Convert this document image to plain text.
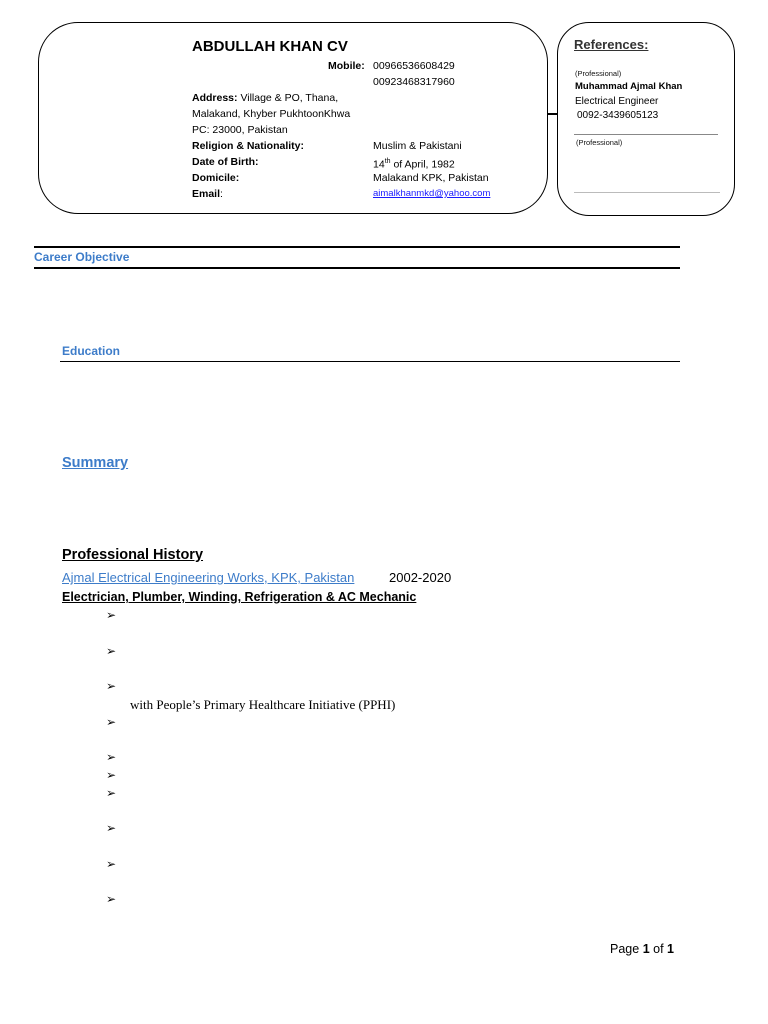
ABDULLAH KHAN CV
Mobile: 00966536608429
00923468317960
Address: Village & PO, Thana,
Malakand, Khyber PukhtoonKhwa
PC: 23000, Pakistan
Religion & Nationality:	Muslim & Pakistani
Date of Birth:	14th of April, 1982
Domicile:	Malakand KPK, Pakistan
Email:	aimalkhanmkd@yahoo.com
References:
(Professional)
Muhammad Ajmal Khan
Electrical Engineer
0092-3439605123
(Professional)
Career Objective
Education
Summary
Professional History
Ajmal Electrical Engineering Works, KPK, Pakistan	2002-2020
Electrician, Plumber, Winding, Refrigeration & AC Mechanic
➢
➢
➢
with People’s Primary Healthcare Initiative (PPHI)
➢
➢
➢
➢
➢
➢
➢
Page 1 of 1
